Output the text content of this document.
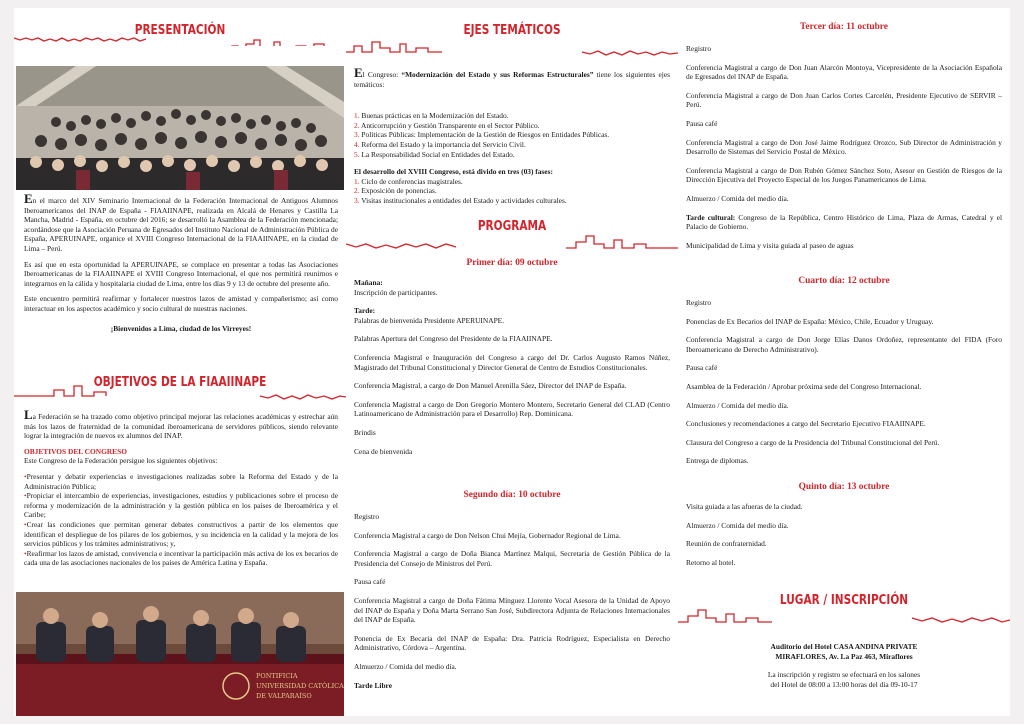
PRESENTACIÓN

En el marco del XIV Seminario Internacional de la Federación Internacional de Antiguos Alumnos Iberoamericanos del INAP de España - FIAAIINAPE, realizada en Alcalá de Henares y Castilla La Mancha, Madrid - España, en octubre del 2016; se desarrolló la Asamblea de la Federación mencionada; acordándose que la Asociación Peruana de Egresados del Instituto Nacional de Administración Pública de España, APERUINAPE, organice el XVIII Congreso Internacional de la FIAAIINAPE, en la ciudad de Lima – Perú.

Es así que en esta oportunidad la APERUINAPE, se complace en presentar a todas las Asociaciones Iberoamericanas de la FIAAIINAPE el XVIII Congreso Internacional, el que nos permitirá reunirnos e integrarnos en la cálida y hospitalaria ciudad de Lima, entre los días 9 y 13 de octubre del presente año.

Este encuentro permitirá reafirmar y fortalecer nuestros lazos de amistad y compañerismo; así como interactuar en los aspectos académico y socio cultural de nuestras naciones.

¡Bienvenidos a Lima, ciudad de los Virreyes!

OBJETIVOS DE LA FIAAIINAPE

La Federación se ha trazado como objetivo principal mejorar las relaciones académicas y estrechar aún más los lazos de fraternidad de la comunidad iberoamericana de servidores públicos, siendo relevante lograr la integración de nuevos ex alumnos del INAP.

OBJETIVOS DEL CONGRESO

Este Congreso de la Federación persigue los siguientes objetivos:

•Presentar y debatir experiencias e investigaciones realizadas sobre la Reforma del Estado y de la Administración Pública;
•Propiciar el intercambio de experiencias, investigaciones, estudios y publicaciones sobre el proceso de reforma y modernización de la administración y la gestión pública en los países de Iberoamérica y el Caribe;
•Crear las condiciones que permitan generar debates constructivos a partir de los elementos que identifican el despliegue de los pilares de los gobiernos, y su incidencia en la calidad y la mejora de los servicios públicos y los trámites administrativos; y,
•Reafirmar los lazos de amistad, convivencia e incentivar la participación más activa de los ex becarios de cada una de las asociaciones nacionales de los países de América Latina y España.
PONTIFICIA
UNIVERSIDAD CATÓLICA
DE VALPARAÍSO
EJES TEMÁTICOS

El Congreso: “Modernización del Estado y sus Reformas Estructurales” tiene los siguientes ejes temáticos:

1. Buenas prácticas en la Modernización del Estado.
2. Anticorrupción y Gestión Transparente en el Sector Público.
3. Políticas Públicas: Implementación de la Gestión de Riesgos en Entidades Públicas.
4. Reforma del Estado y la importancia del Servicio Civil.
5. La Responsabilidad Social en Entidades del Estado.

El desarrollo del XVIII Congreso, está divido en tres (03) fases:

1. Ciclo de conferencias magistrales.
2. Exposición de ponencias.
3. Visitas institucionales a entidades del Estado y actividades culturales.
PROGRAMA
Primer día: 09 octubre
Mañana:

Inscripción de participantes.

Tarde:

Palabras de bienvenida Presidente APERUINAPE.

Palabras Apertura del Congreso del Presidente de la FIAAIINAPE.

Conferencia Magistral e Inauguración del Congreso a cargo del Dr. Carlos Augusto Ramos Núñez, Magistrado del Tribunal Constitucional y Director General de Centro de Estudios Constitucionales.

Conferencia Magistral, a cargo de Don Manuel Arenilla Sáez, Director del INAP de España.

Conferencia Magistral a cargo de Don Gregorio Montero Montero, Secretario General del CLAD (Centro Latinoamericano de Administración para el Desarrollo) Rep. Dominicana.

Brindis

Cena de bienvenida

Segundo día: 10 octubre

Registro

Conferencia Magistral a cargo de Don Nelson Chui Mejía, Gobernador Regional de Lima.

Conferencia Magistral a cargo de Doña Bianca Martínez Malqui, Secretaria de Gestión Pública de la Presidencia del Consejo de Ministros del Perú.

Pausa café

Conferencia Magistral a cargo de Doña Fátima Mínguez Llorente Vocal Asesora de la Unidad de Apoyo del INAP de España y Doña Marta Serrano San José, Subdirectora Adjunta de Relaciones Internacionales del INAP de España.

Ponencia de Ex Becaria del INAP de España: Dra. Patricia Rodríguez, Especialista en Derecho Administrativo, Córdova – Argentina.

Almuerzo / Comida del medio día.

Tarde Libre

Tercer día: 11 octubre

Registro

Conferencia Magistral a cargo de Don Juan Alarcón Montoya, Vicepresidente de la Asociación Española de Egresados del INAP de España.

Conferencia Magistral a cargo de Don Juan Carlos Cortes Carcelén, Presidente Ejecutivo de SERVIR – Perú.

Pausa café

Conferencia Magistral a cargo de Don José Jaime Rodríguez Orozco, Sub Director de Administración y Desarrollo de Sistemas del Servicio Postal de México.

Conferencia Magistral a cargo de Don Rubén Gómez Sánchez Soto, Asesor en Gestión de Riesgos de la Dirección Ejecutiva del Proyecto Especial de los Juegos Panamericanos de Lima.

Almuerzo / Comida del medio día.

Tarde cultural: Congreso de la República, Centro Histórico de Lima, Plaza de Armas, Catedral y el Palacio de Gobierno.

Municipalidad de Lima y visita guiada al paseo de aguas

Cuarto día: 12 octubre

Registro

Ponencias de Ex Becarios del INAP de España: México, Chile, Ecuador y Uruguay.

Conferencia Magistral a cargo de Don Jorge Elías Danos Ordoñez, representante del FIDA (Foro Iberoamericano de Derecho Administrativo).

Pausa café

Asamblea de la Federación / Aprobar próxima sede del Congreso Internacional.

Almuerzo / Comida del medio día.

Conclusiones y recomendaciones a cargo del Secretario Ejecutivo FIAAIINAPE.

Clausura del Congreso a cargo de la Presidencia del Tribunal Constitucional del Perú.

Entrega de diplomas.

Quinto día: 13 octubre

Visita guiada a las afueras de la ciudad.

Almuerzo / Comida del medio día.

Reunión de confraternidad.

Retorno al hotel.

LUGAR / INSCRIPCIÓN
Auditorio del Hotel CASA ANDINA PRIVATE
MIRAFLORES, Av. La Paz 463, Miraflores
La inscripción y registro se efectuará en los salones
del Hotel de 08:00 a 13:00 horas del día 09-10-17
